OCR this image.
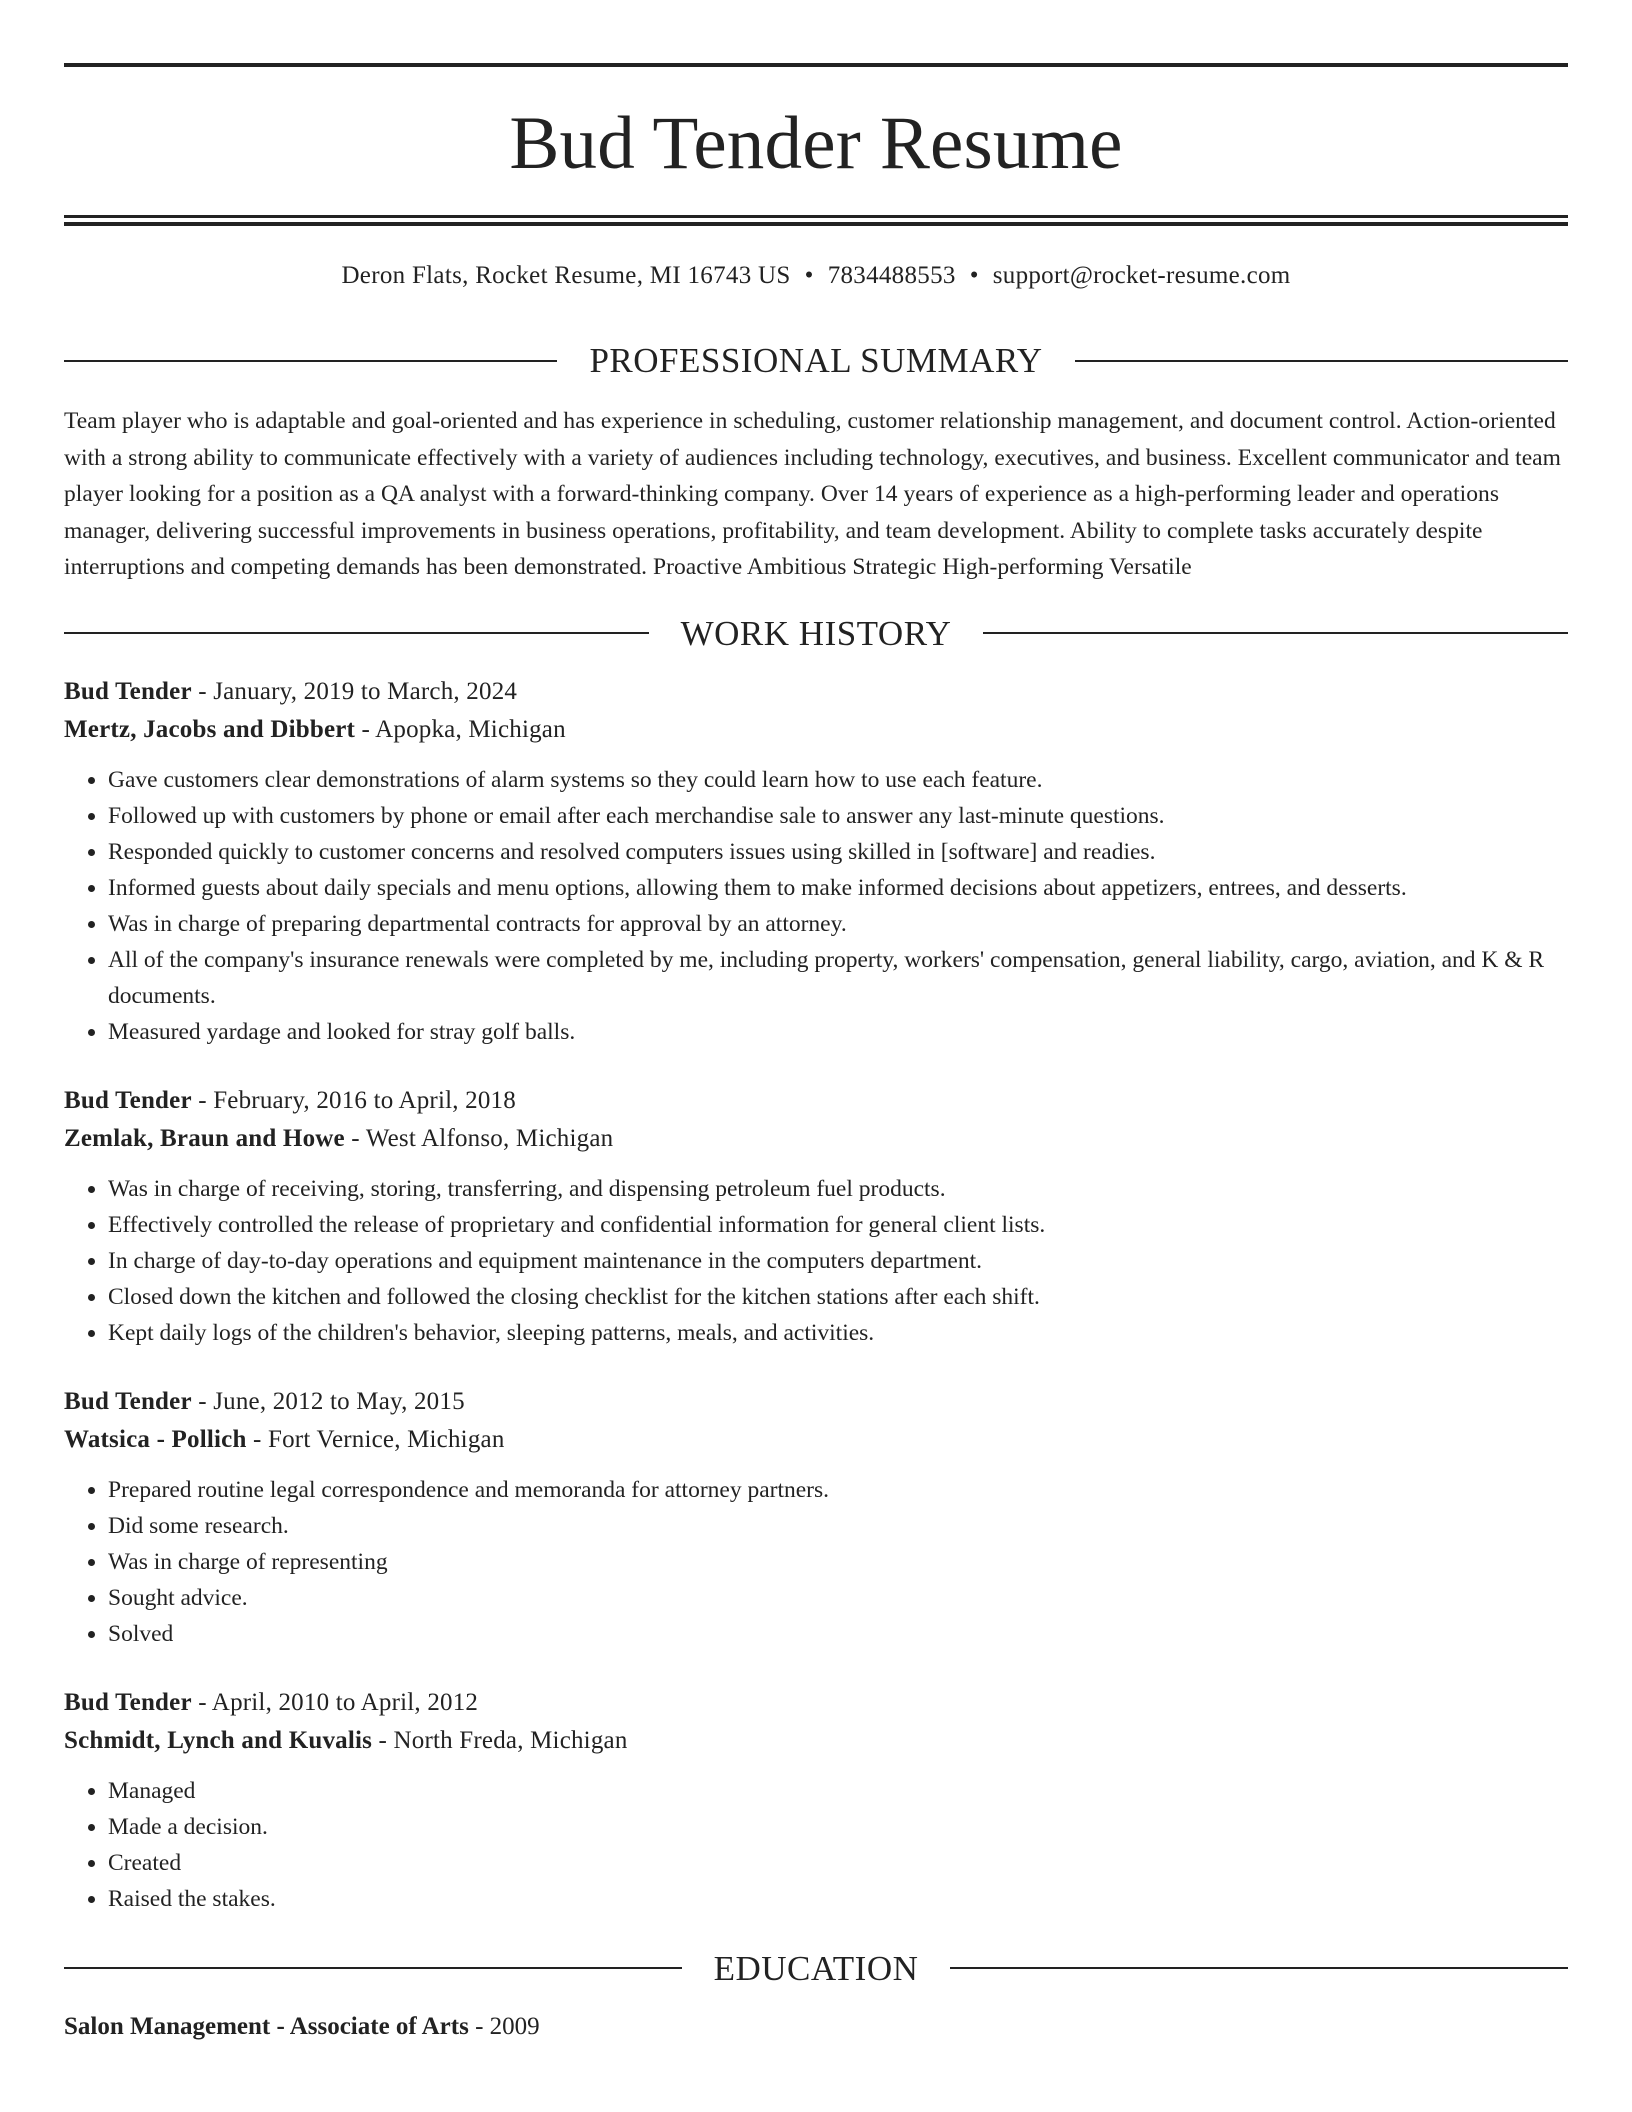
Bud Tender Resume
Deron Flats, Rocket Resume, MI 16743 US • 7834488553 • support@rocket-resume.com
PROFESSIONAL SUMMARY

Team player who is adaptable and goal-oriented and has experience in scheduling, customer relationship management, and document control. Action-oriented with a strong ability to communicate effectively with a variety of audiences including technology, executives, and business. Excellent communicator and team player looking for a position as a QA analyst with a forward-thinking company. Over 14 years of experience as a high-performing leader and operations manager, delivering successful improvements in business operations, profitability, and team development. Ability to complete tasks accurately despite interruptions and competing demands has been demonstrated. Proactive Ambitious Strategic High-performing Versatile

WORK HISTORY
Bud Tender - January, 2019 to March, 2024
Mertz, Jacobs and Dibbert - Apopka, Michigan
• Gave customers clear demonstrations of alarm systems so they could learn how to use each feature.
• Followed up with customers by phone or email after each merchandise sale to answer any last-minute questions.
• Responded quickly to customer concerns and resolved computers issues using skilled in [software] and readies.
• Informed guests about daily specials and menu options, allowing them to make informed decisions about appetizers, entrees, and desserts.
• Was in charge of preparing departmental contracts for approval by an attorney.
• All of the company's insurance renewals were completed by me, including property, workers' compensation, general liability, cargo, aviation, and K & R documents.
• Measured yardage and looked for stray golf balls.
Bud Tender - February, 2016 to April, 2018
Zemlak, Braun and Howe - West Alfonso, Michigan
• Was in charge of receiving, storing, transferring, and dispensing petroleum fuel products.
• Effectively controlled the release of proprietary and confidential information for general client lists.
• In charge of day-to-day operations and equipment maintenance in the computers department.
• Closed down the kitchen and followed the closing checklist for the kitchen stations after each shift.
• Kept daily logs of the children's behavior, sleeping patterns, meals, and activities.
Bud Tender - June, 2012 to May, 2015
Watsica - Pollich - Fort Vernice, Michigan
• Prepared routine legal correspondence and memoranda for attorney partners.
• Did some research.
• Was in charge of representing
• Sought advice.
• Solved
Bud Tender - April, 2010 to April, 2012
Schmidt, Lynch and Kuvalis - North Freda, Michigan
• Managed
• Made a decision.
• Created
• Raised the stakes.
EDUCATION
Salon Management - Associate of Arts - 2009
